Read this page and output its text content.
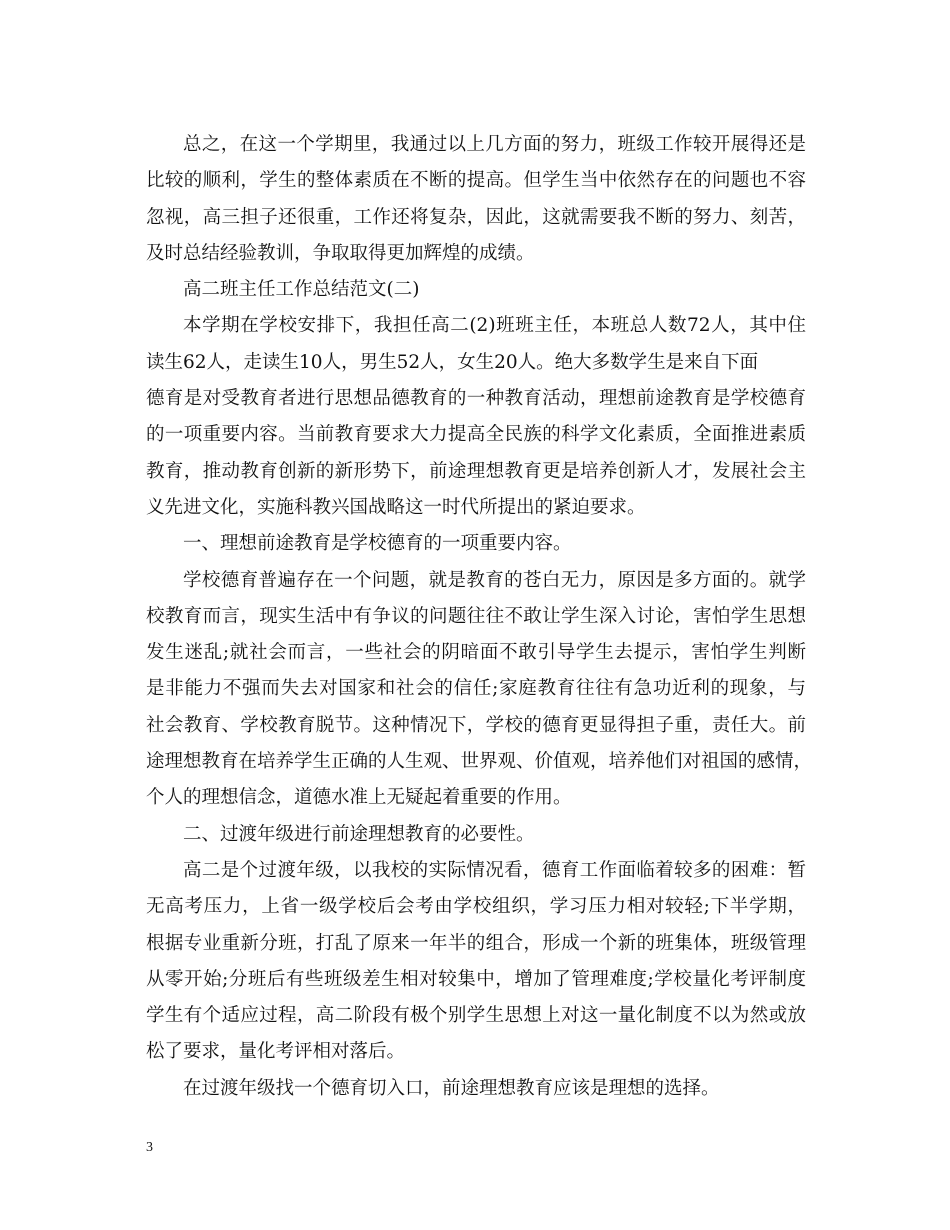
总之，在这一个学期里，我通过以上几方面的努力，班级工作较开展得还是
比较的顺利，学生的整体素质在不断的提高。但学生当中依然存在的问题也不容
忽视，高三担子还很重，工作还将复杂，因此，这就需要我不断的努力、刻苦，
及时总结经验教训，争取取得更加辉煌的成绩。
高二班主任工作总结范文(二)
本学期在学校安排下，我担任高二(2)班班主任，本班总人数72人，其中住
读生62人，走读生10人，男生52人，女生20人。绝大多数学生是来自下面
德育是对受教育者进行思想品德教育的一种教育活动，理想前途教育是学校德育
的一项重要内容。当前教育要求大力提高全民族的科学文化素质，全面推进素质
教育，推动教育创新的新形势下，前途理想教育更是培养创新人才，发展社会主
义先进文化，实施科教兴国战略这一时代所提出的紧迫要求。
一、理想前途教育是学校德育的一项重要内容。
学校德育普遍存在一个问题，就是教育的苍白无力，原因是多方面的。就学
校教育而言，现实生活中有争议的问题往往不敢让学生深入讨论，害怕学生思想
发生迷乱;就社会而言，一些社会的阴暗面不敢引导学生去提示，害怕学生判断
是非能力不强而失去对国家和社会的信任;家庭教育往往有急功近利的现象，与
社会教育、学校教育脱节。这种情况下，学校的德育更显得担子重，责任大。前
途理想教育在培养学生正确的人生观、世界观、价值观，培养他们对祖国的感情，
个人的理想信念，道德水准上无疑起着重要的作用。
二、过渡年级进行前途理想教育的必要性。
高二是个过渡年级，以我校的实际情况看，德育工作面临着较多的困难：暂
无高考压力，上省一级学校后会考由学校组织，学习压力相对较轻;下半学期，
根据专业重新分班，打乱了原来一年半的组合，形成一个新的班集体，班级管理
从零开始;分班后有些班级差生相对较集中，增加了管理难度;学校量化考评制度
学生有个适应过程，高二阶段有极个别学生思想上对这一量化制度不以为然或放
松了要求，量化考评相对落后。
在过渡年级找一个德育切入口，前途理想教育应该是理想的选择。
3
